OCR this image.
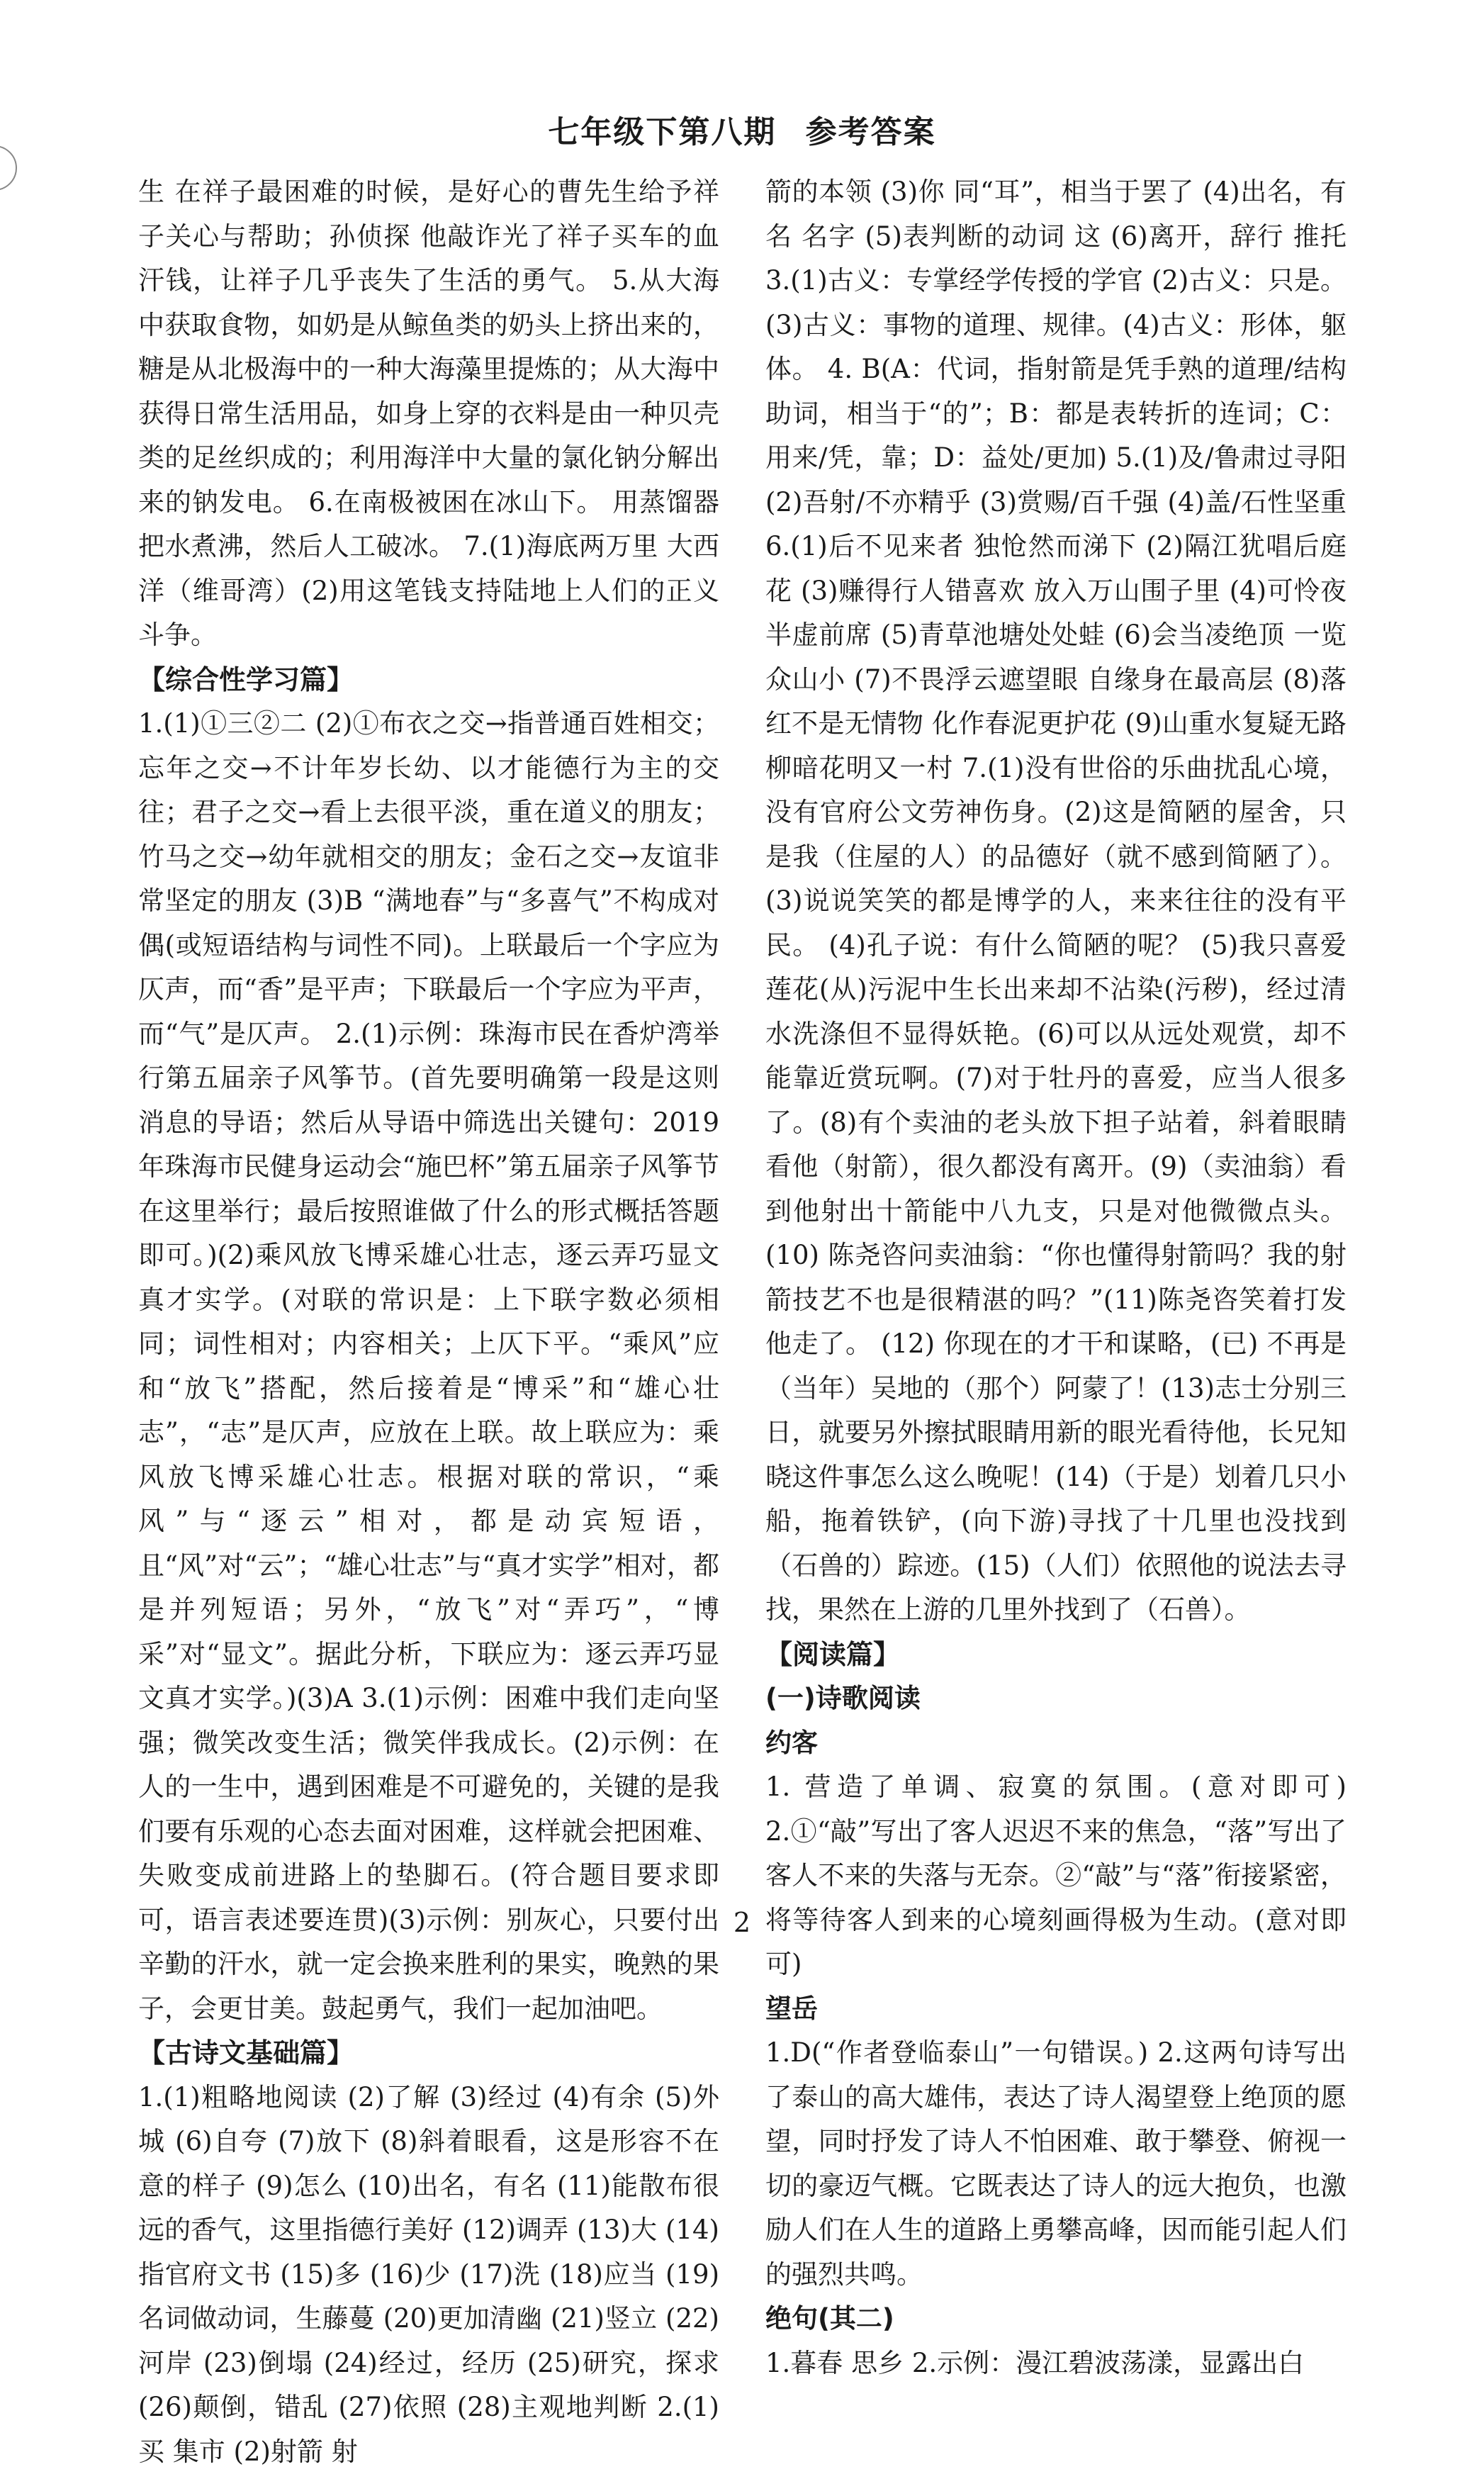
七年级下第八期 参考答案

生 在祥子最困难的时候，是好心的曹先生给予祥子关心与帮助；孙侦探 他敲诈光了祥子买车的血汗钱，让祥子几乎丧失了生活的勇气。 5.从大海中获取食物，如奶是从鲸鱼类的奶头上挤出来的，糖是从北极海中的一种大海藻里提炼的；从大海中获得日常生活用品，如身上穿的衣料是由一种贝壳类的足丝织成的；利用海洋中大量的氯化钠分解出来的钠发电。 6.在南极被困在冰山下。 用蒸馏器把水煮沸，然后人工破冰。 7.(1)海底两万里 大西洋（维哥湾）(2)用这笔钱支持陆地上人们的正义斗争。

【综合性学习篇】

1.(1)①三②二 (2)①布衣之交→指普通百姓相交；忘年之交→不计年岁长幼、以才能德行为主的交往；君子之交→看上去很平淡，重在道义的朋友；竹马之交→幼年就相交的朋友；金石之交→友谊非常坚定的朋友 (3)B “满地春”与“多喜气”不构成对偶(或短语结构与词性不同)。上联最后一个字应为仄声，而“香”是平声；下联最后一个字应为平声，而“气”是仄声。 2.(1)示例：珠海市民在香炉湾举行第五届亲子风筝节。(首先要明确第一段是这则消息的导语；然后从导语中筛选出关键句：2019年珠海市民健身运动会“施巴杯”第五届亲子风筝节在这里举行；最后按照谁做了什么的形式概括答题即可。)(2)乘风放飞博采雄心壮志，逐云弄巧显文真才实学。(对联的常识是：上下联字数必须相同；词性相对；内容相关；上仄下平。“乘风”应和“放飞”搭配，然后接着是“博采”和“雄心壮志”，“志”是仄声，应放在上联。故上联应为：乘风放飞博采雄心壮志。根据对联的常识，“乘风”与“逐云”相对，都是动宾短语，且“风”对“云”；“雄心壮志”与“真才实学”相对，都是并列短语；另外，“放飞”对“弄巧”，“博采”对“显文”。据此分析，下联应为：逐云弄巧显文真才实学。)(3)A 3.(1)示例：困难中我们走向坚强；微笑改变生活；微笑伴我成长。(2)示例：在人的一生中，遇到困难是不可避免的，关键的是我们要有乐观的心态去面对困难，这样就会把困难、失败变成前进路上的垫脚石。(符合题目要求即可，语言表述要连贯)(3)示例：别灰心，只要付出辛勤的汗水，就一定会换来胜利的果实，晚熟的果子，会更甘美。鼓起勇气，我们一起加油吧。

【古诗文基础篇】

1.(1)粗略地阅读 (2)了解 (3)经过 (4)有余 (5)外城 (6)自夸 (7)放下 (8)斜着眼看，这是形容不在意的样子 (9)怎么 (10)出名，有名 (11)能散布很远的香气，这里指德行美好 (12)调弄 (13)大 (14)指官府文书 (15)多 (16)少 (17)洗 (18)应当 (19)名词做动词，生藤蔓 (20)更加清幽 (21)竖立 (22)河岸 (23)倒塌 (24)经过，经历 (25)研究，探求 (26)颠倒，错乱 (27)依照 (28)主观地判断 2.(1)买 集市 (2)射箭 射

箭的本领 (3)你 同“耳”，相当于罢了 (4)出名，有名 名字 (5)表判断的动词 这 (6)离开，辞行 推托 3.(1)古义：专掌经学传授的学官 (2)古义：只是。(3)古义：事物的道理、规律。(4)古义：形体，躯体。 4. B(A：代词，指射箭是凭手熟的道理/结构助词，相当于“的”；B：都是表转折的连词；C：用来/凭，靠；D：益处/更加) 5.(1)及/鲁肃过寻阳 (2)吾射/不亦精乎 (3)赏赐/百千强 (4)盖/石性坚重 6.(1)后不见来者 独怆然而涕下 (2)隔江犹唱后庭花 (3)赚得行人错喜欢 放入万山围子里 (4)可怜夜半虚前席 (5)青草池塘处处蛙 (6)会当凌绝顶 一览众山小 (7)不畏浮云遮望眼 自缘身在最高层 (8)落红不是无情物 化作春泥更护花 (9)山重水复疑无路 柳暗花明又一村 7.(1)没有世俗的乐曲扰乱心境，没有官府公文劳神伤身。(2)这是简陋的屋舍，只是我（住屋的人）的品德好（就不感到简陋了）。(3)说说笑笑的都是博学的人，来来往往的没有平民。 (4)孔子说：有什么简陋的呢？ (5)我只喜爱莲花(从)污泥中生长出来却不沾染(污秽)，经过清水洗涤但不显得妖艳。(6)可以从远处观赏，却不能靠近赏玩啊。(7)对于牡丹的喜爱，应当人很多了。(8)有个卖油的老头放下担子站着，斜着眼睛看他（射箭），很久都没有离开。(9)（卖油翁）看到他射出十箭能中八九支，只是对他微微点头。(10) 陈尧咨问卖油翁：“你也懂得射箭吗？我的射箭技艺不也是很精湛的吗？”(11)陈尧咨笑着打发他走了。 (12) 你现在的才干和谋略，(已) 不再是（当年）吴地的（那个）阿蒙了！(13)志士分别三日，就要另外擦拭眼睛用新的眼光看待他，长兄知晓这件事怎么这么晚呢！(14)（于是）划着几只小船，拖着铁铲，(向下游)寻找了十几里也没找到（石兽的）踪迹。(15)（人们）依照他的说法去寻找，果然在上游的几里外找到了（石兽）。

【阅读篇】

(一)诗歌阅读

约客

1. 营造了单调、寂寞的氛围。(意对即可) 2.①“敲”写出了客人迟迟不来的焦急，“落”写出了客人不来的失落与无奈。②“敲”与“落”衔接紧密，将等待客人到来的心境刻画得极为生动。(意对即可)

望岳

1.D(“作者登临泰山”一句错误。) 2.这两句诗写出了泰山的高大雄伟，表达了诗人渴望登上绝顶的愿望，同时抒发了诗人不怕困难、敢于攀登、俯视一切的豪迈气概。它既表达了诗人的远大抱负，也激励人们在人生的道路上勇攀高峰，因而能引起人们的强烈共鸣。

绝句(其二)

1.暮春 思乡 2.示例：漫江碧波荡漾，显露出白

2
